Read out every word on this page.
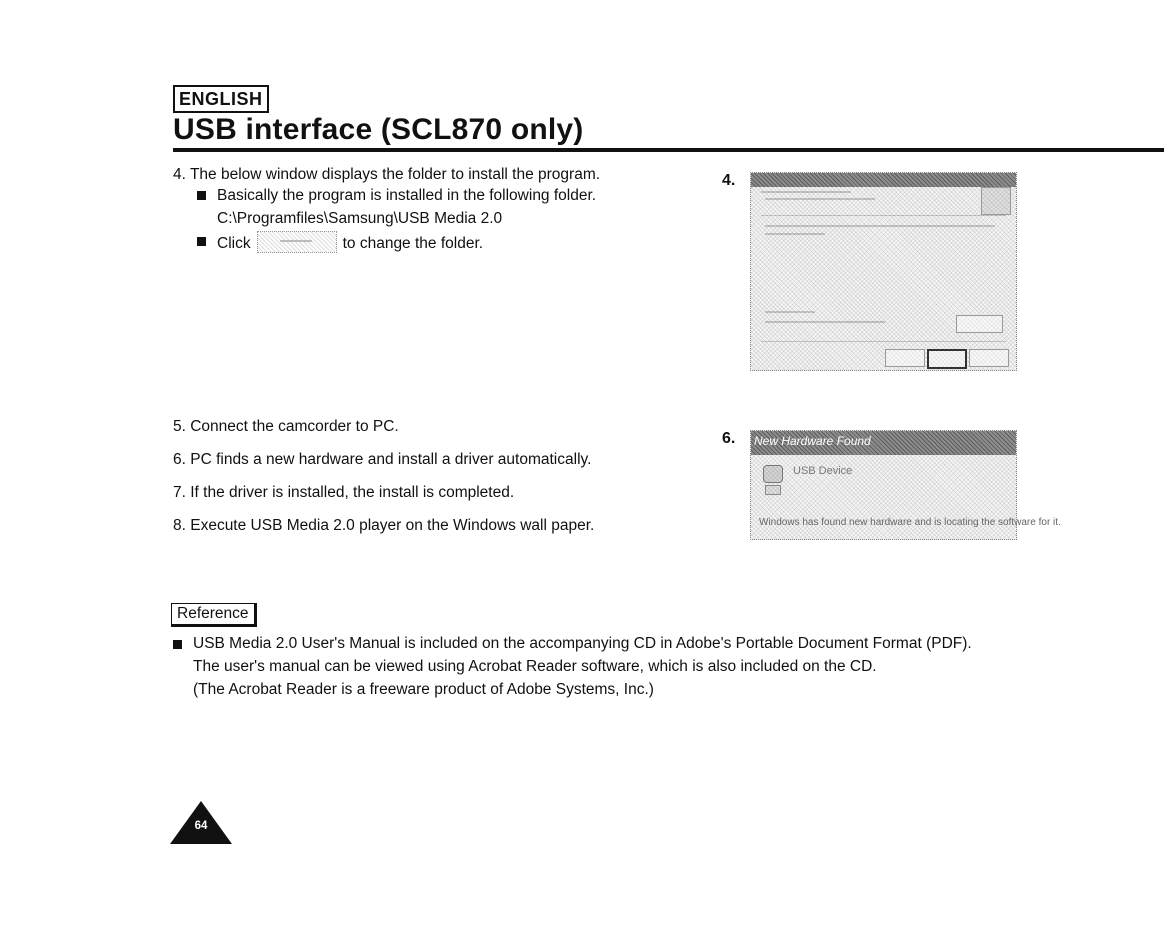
ENGLISH
USB interface (SCL870 only)
4. The below window displays the folder to install the program.
Basically the program is installed in the following folder.
C:\Programfiles\Samsung\USB Media 2.0
Click	to change the folder.
4.
5. Connect the camcorder to PC.
6. PC finds a new hardware and install a driver automatically.
7. If the driver is installed, the install is completed.
8. Execute USB Media 2.0 player on the Windows wall paper.
6. New Hardware Found
USB Device
Windows has found new hardware and is locating the software for it.
Reference
USB Media 2.0 User's Manual is included on the accompanying CD in Adobe's Portable Document Format (PDF).
The user's manual can be viewed using Acrobat Reader software, which is also included on the CD.
(The Acrobat Reader is a freeware product of Adobe Systems, Inc.)
64
